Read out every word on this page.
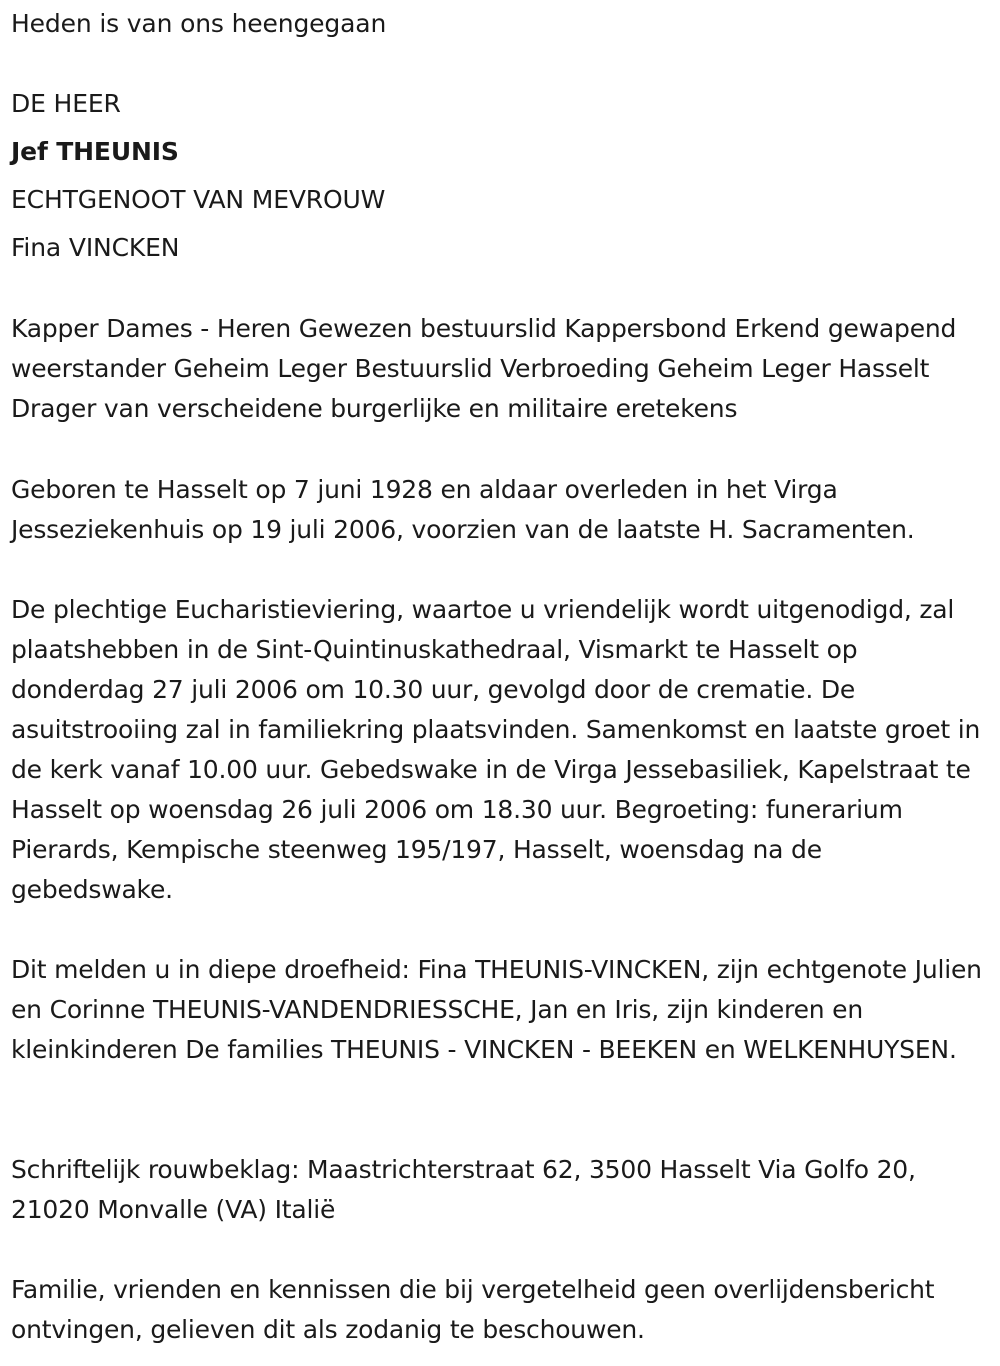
Heden is van ons heengegaan
DE HEER
Jef THEUNIS
ECHTGENOOT VAN MEVROUW
Fina VINCKEN

Kapper Dames - Heren Gewezen bestuurslid Kappersbond Erkend gewapend weerstander Geheim Leger Bestuurslid Verbroeding Geheim Leger Hasselt Drager van verscheidene burgerlijke en militaire eretekens

Geboren te Hasselt op 7 juni 1928 en aldaar overleden in het Virga Jesseziekenhuis op 19 juli 2006, voorzien van de laatste H. Sacramenten.

De plechtige Eucharistieviering, waartoe u vriendelijk wordt uitgenodigd, zal plaatshebben in de Sint-Quintinuskathedraal, Vismarkt te Hasselt op donderdag 27 juli 2006 om 10.30 uur, gevolgd door de crematie. De asuitstrooiing zal in familiekring plaatsvinden. Samenkomst en laatste groet in de kerk vanaf 10.00 uur. Gebedswake in de Virga Jessebasiliek, Kapelstraat te Hasselt op woensdag 26 juli 2006 om 18.30 uur. Begroeting: funerarium Pierards, Kempische steenweg 195/197, Hasselt, woensdag na de gebedswake.

Dit melden u in diepe droefheid: Fina THEUNIS-VINCKEN, zijn echtgenote Julien en Corinne THEUNIS-VANDENDRIESSCHE, Jan en Iris, zijn kinderen en kleinkinderen De families THEUNIS - VINCKEN - BEEKEN en WELKENHUYSEN.

Schriftelijk rouwbeklag: Maastrichterstraat 62, 3500 Hasselt Via Golfo 20, 21020 Monvalle (VA) Italië

Familie, vrienden en kennissen die bij vergetelheid geen overlijdensbericht ontvingen, gelieven dit als zodanig te beschouwen.
